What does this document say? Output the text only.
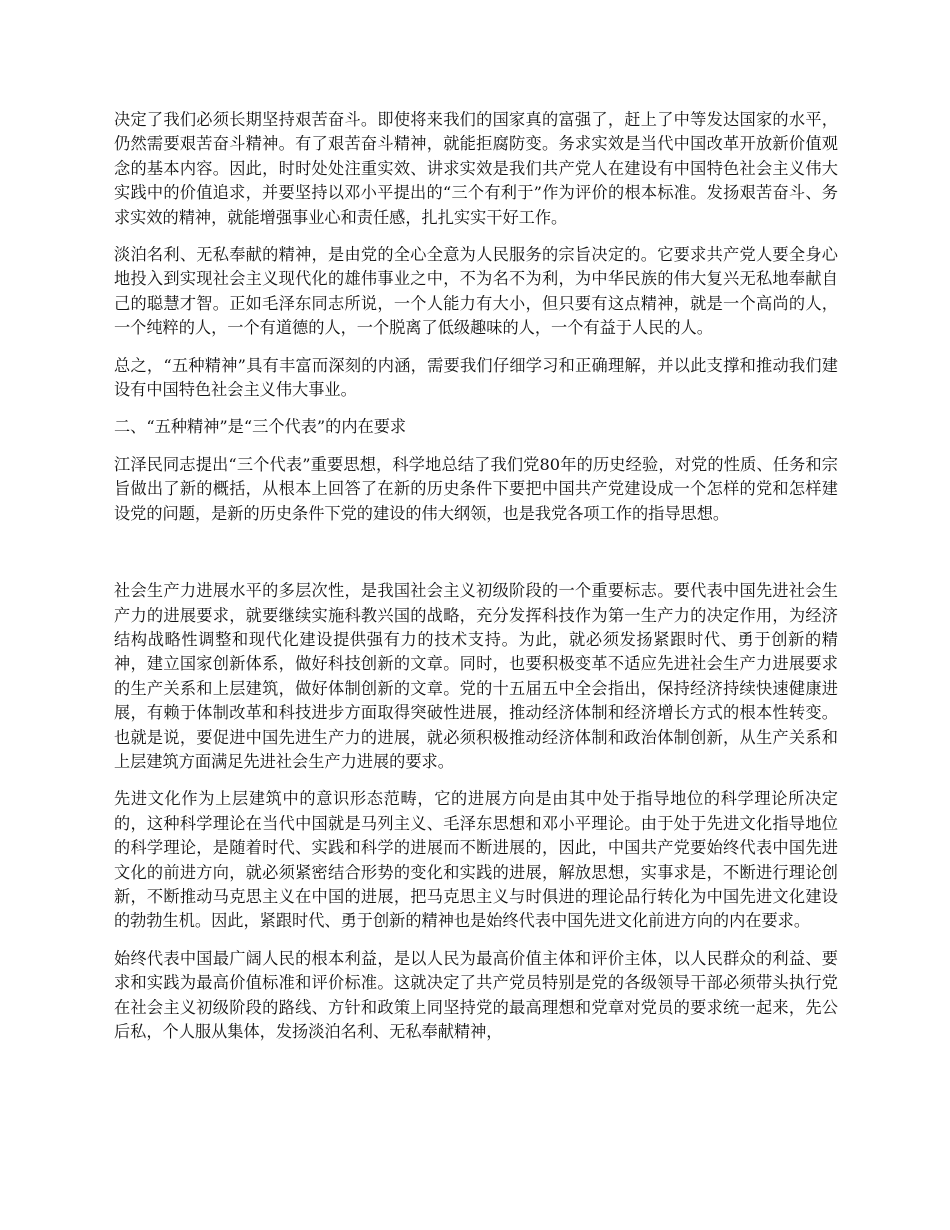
决定了我们必须长期坚持艰苦奋斗。即使将来我们的国家真的富强了，赶上了中等发达国家的水平，仍然需要艰苦奋斗精神。有了艰苦奋斗精神，就能拒腐防变。务求实效是当代中国改革开放新价值观念的基本内容。因此，时时处处注重实效、讲求实效是我们共产党人在建设有中国特色社会主义伟大实践中的价值追求，并要坚持以邓小平提出的“三个有利于”作为评价的根本标准。发扬艰苦奋斗、务求实效的精神，就能增强事业心和责任感，扎扎实实干好工作。

淡泊名利、无私奉献的精神，是由党的全心全意为人民服务的宗旨决定的。它要求共产党人要全身心地投入到实现社会主义现代化的雄伟事业之中，不为名不为利，为中华民族的伟大复兴无私地奉献自己的聪慧才智。正如毛泽东同志所说，一个人能力有大小，但只要有这点精神，就是一个高尚的人，一个纯粹的人，一个有道德的人，一个脱离了低级趣味的人，一个有益于人民的人。

总之，“五种精神”具有丰富而深刻的内涵，需要我们仔细学习和正确理解，并以此支撑和推动我们建设有中国特色社会主义伟大事业。

二、“五种精神”是“三个代表”的内在要求

江泽民同志提出“三个代表”重要思想，科学地总结了我们党80年的历史经验，对党的性质、任务和宗旨做出了新的概括，从根本上回答了在新的历史条件下要把中国共产党建设成一个怎样的党和怎样建设党的问题，是新的历史条件下党的建设的伟大纲领，也是我党各项工作的指导思想。

社会生产力进展水平的多层次性，是我国社会主义初级阶段的一个重要标志。要代表中国先进社会生产力的进展要求，就要继续实施科教兴国的战略，充分发挥科技作为第一生产力的决定作用，为经济结构战略性调整和现代化建设提供强有力的技术支持。为此，就必须发扬紧跟时代、勇于创新的精神，建立国家创新体系，做好科技创新的文章。同时，也要积极变革不适应先进社会生产力进展要求的生产关系和上层建筑，做好体制创新的文章。党的十五届五中全会指出，保持经济持续快速健康进展，有赖于体制改革和科技进步方面取得突破性进展，推动经济体制和经济增长方式的根本性转变。也就是说，要促进中国先进生产力的进展，就必须积极推动经济体制和政治体制创新，从生产关系和上层建筑方面满足先进社会生产力进展的要求。

先进文化作为上层建筑中的意识形态范畴，它的进展方向是由其中处于指导地位的科学理论所决定的，这种科学理论在当代中国就是马列主义、毛泽东思想和邓小平理论。由于处于先进文化指导地位的科学理论，是随着时代、实践和科学的进展而不断进展的，因此，中国共产党要始终代表中国先进文化的前进方向，就必须紧密结合形势的变化和实践的进展，解放思想，实事求是，不断进行理论创新，不断推动马克思主义在中国的进展，把马克思主义与时俱进的理论品行转化为中国先进文化建设的勃勃生机。因此，紧跟时代、勇于创新的精神也是始终代表中国先进文化前进方向的内在要求。

始终代表中国最广阔人民的根本利益，是以人民为最高价值主体和评价主体，以人民群众的利益、要求和实践为最高价值标准和评价标准。这就决定了共产党员特别是党的各级领导干部必须带头执行党在社会主义初级阶段的路线、方针和政策上同坚持党的最高理想和党章对党员的要求统一起来，先公后私，个人服从集体，发扬淡泊名利、无私奉献精神，
